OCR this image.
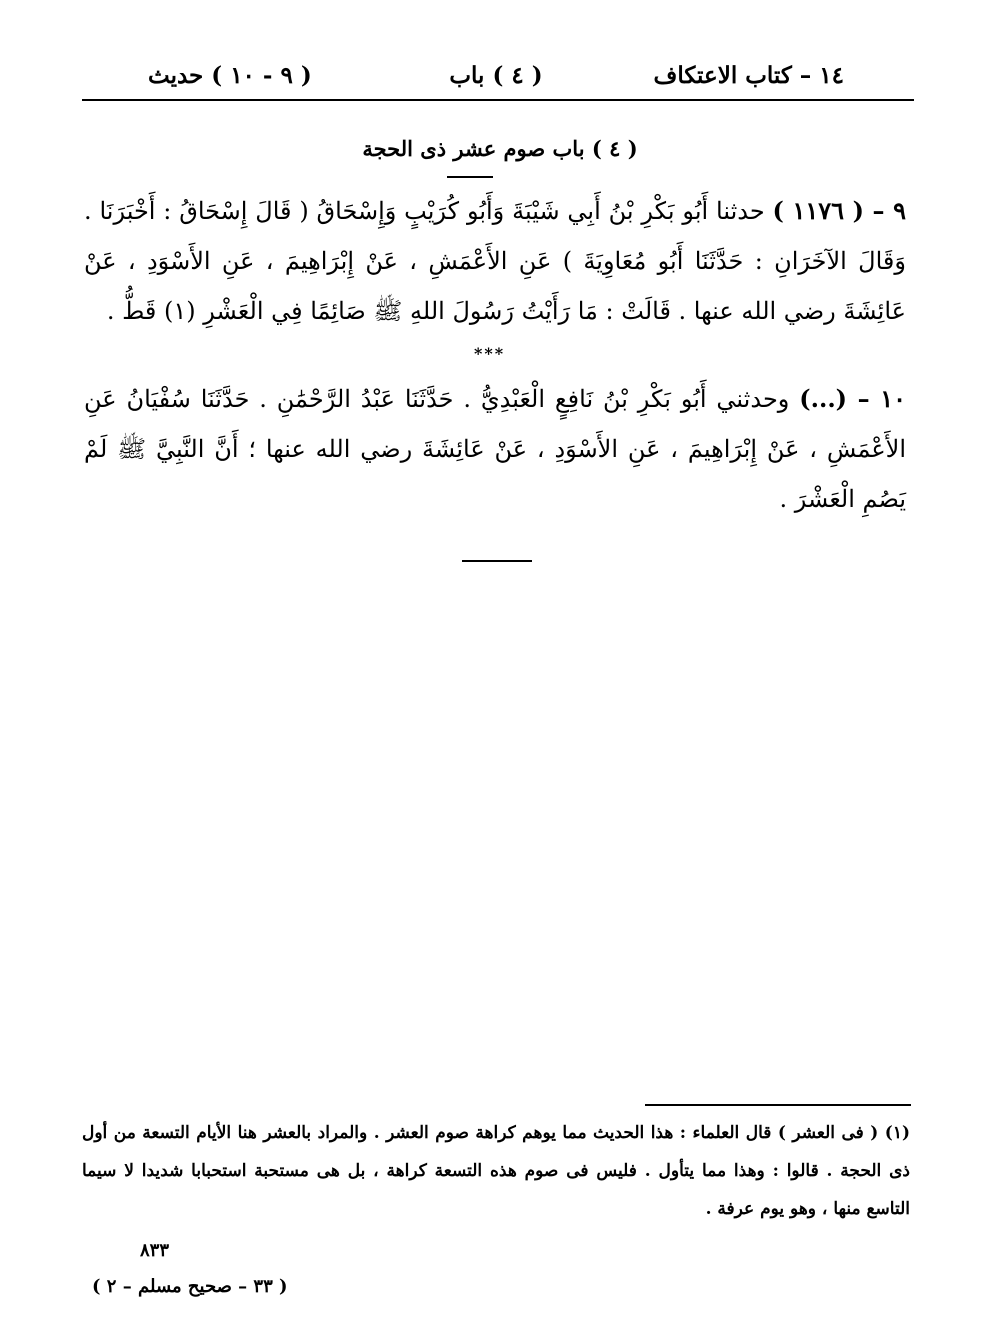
١٤ – كتاب الاعتكاف
( ٤ ) باب
( ٩ - ١٠ ) حديث
( ٤ ) باب صوم عشر ذى الحجة
٩ – ( ١١٧٦ ) حدثنا أَبُو بَكْرِ بْنُ أَبِي شَيْبَةَ وَأَبُو كُرَيْبٍ وَإِسْحَاقُ ( قَالَ إِسْحَاقُ : أَخْبَرَنَا . وَقَالَ الآخَرَانِ : حَدَّثَنَا أَبُو مُعَاوِيَةَ ) عَنِ الأَعْمَشِ ، عَنْ إِبْرَاهِيمَ ، عَنِ الأَسْوَدِ ، عَنْ عَائِشَةَ رضي الله عنها . قَالَتْ : مَا رَأَيْتُ رَسُولَ اللهِ ﷺ صَائِمًا فِي الْعَشْرِ (١) قَطُّ .
***
١٠ – (...) وحدثني أَبُو بَكْرِ بْنُ نَافِعٍ الْعَبْدِيُّ . حَدَّثَنَا عَبْدُ الرَّحْمَٰنِ . حَدَّثَنَا سُفْيَانُ عَنِ الأَعْمَشِ ، عَنْ إِبْرَاهِيمَ ، عَنِ الأَسْوَدِ ، عَنْ عَائِشَةَ رضي الله عنها ؛ أَنَّ النَّبِيَّ ﷺ لَمْ يَصُمِ الْعَشْرَ .
(١) ( فى العشر ) قال العلماء : هذا الحديث مما يوهم كراهة صوم العشر . والمراد بالعشر هنا الأيام التسعة من أول ذى الحجة . قالوا : وهذا مما يتأول . فليس فى صوم هذه التسعة كراهة ، بل هى مستحبة استحبابا شديدا لا سيما التاسع منها ، وهو يوم عرفة .
٨٣٣
( ٣٣ – صحيح مسلم – ٢ )
